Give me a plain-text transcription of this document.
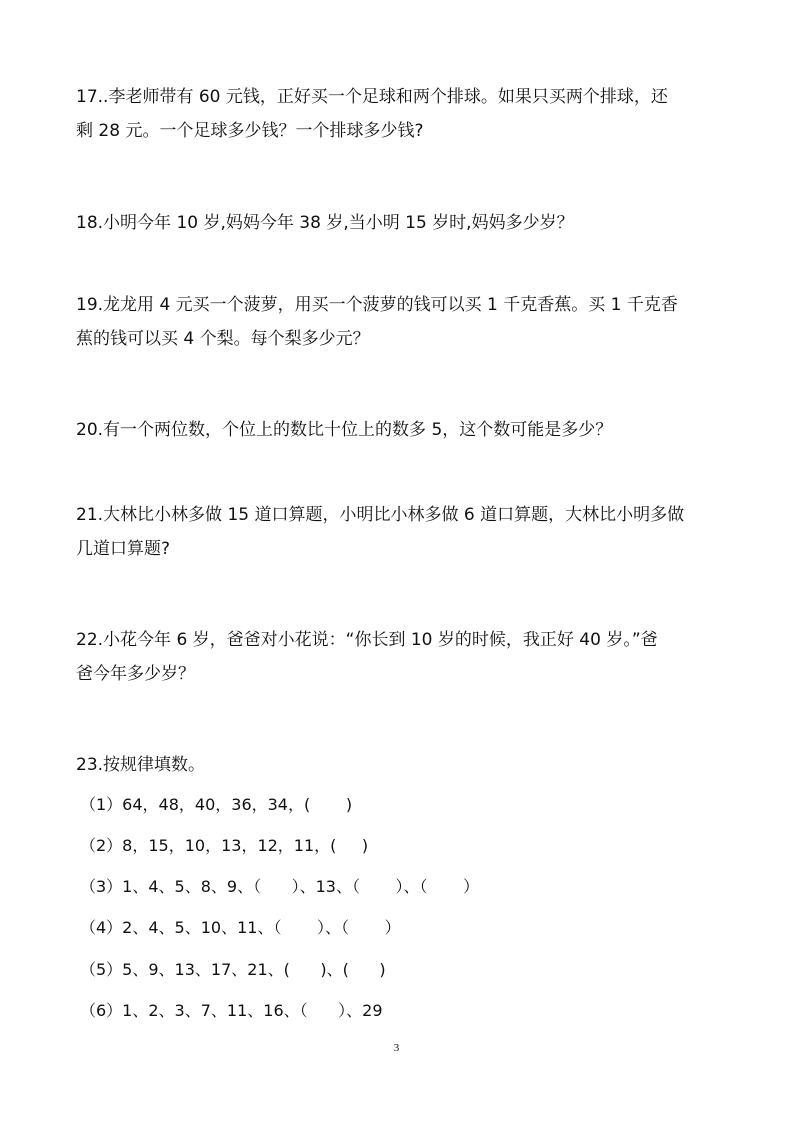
17..李老师带有 60 元钱，正好买一个足球和两个排球。如果只买两个排球，还
剩 28 元。一个足球多少钱？一个排球多少钱?
18.小明今年 10 岁,妈妈今年 38 岁,当小明 15 岁时,妈妈多少岁？
19.龙龙用 4 元买一个菠萝，用买一个菠萝的钱可以买 1 千克香蕉。买 1 千克香
蕉的钱可以买 4 个梨。每个梨多少元？
20.有一个两位数，个位上的数比十位上的数多 5，这个数可能是多少？
21.大林比小林多做 15 道口算题，小明比小林多做 6 道口算题，大林比小明多做
几道口算题?
22.小花今年 6 岁，爸爸对小花说：“你长到 10 岁的时候，我正好 40 岁。”爸
爸今年多少岁？
23.按规律填数。

（1）64，48，40，36，34，(       )

（2）8，15，10，13，12，11，(     )

（3）1、4、5、8、9、（      ）、13、（       ）、（       ）

（4）2、4、5、10、11、（       ）、（       ）

（5）5、9、13、17、21、(      )、(      )

（6）1、2、3、7、11、16、（      ）、29

3
